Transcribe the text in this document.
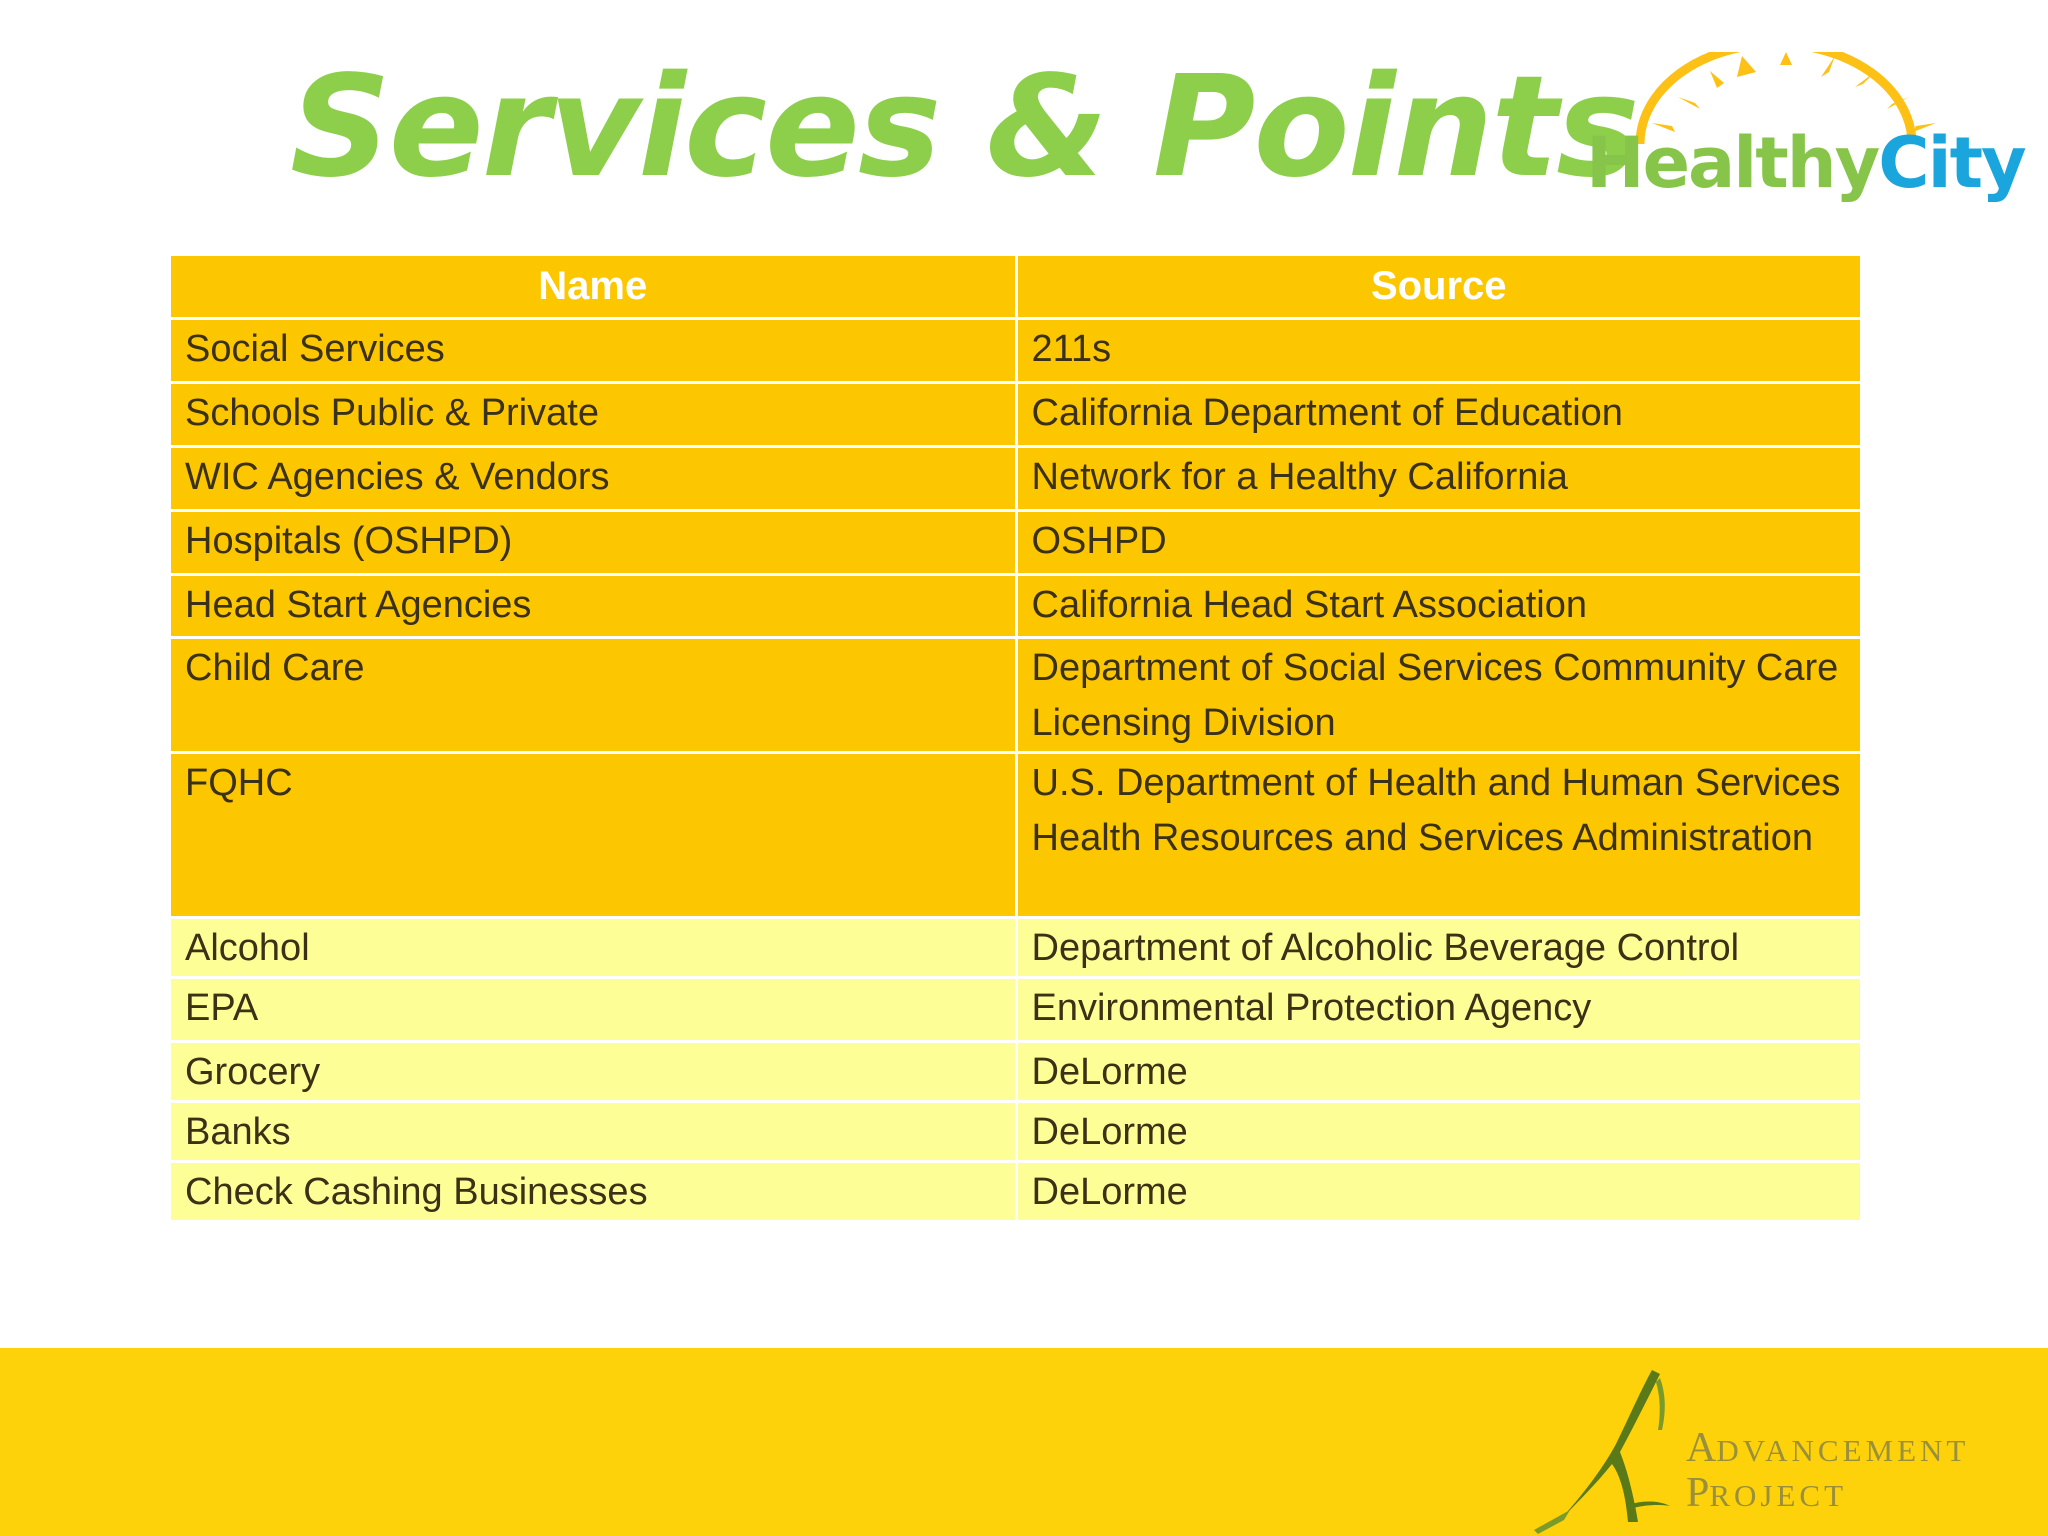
Services & Points
HealthyCity
Name	Source
Social Services	211s
Schools Public & Private	California Department of Education
WIC Agencies & Vendors	Network for a Healthy California
Hospitals (OSHPD)	OSHPD
Head Start Agencies	California Head Start Association
Child Care	Department of Social Services Community Care Licensing Division
FQHC	U.S. Department of Health and Human Services Health Resources and Services Administration
Alcohol	Department of Alcoholic Beverage Control
EPA	Environmental Protection Agency
Grocery	DeLorme
Banks	DeLorme
Check Cashing Businesses	DeLorme
ADVANCEMENT
PROJECT
